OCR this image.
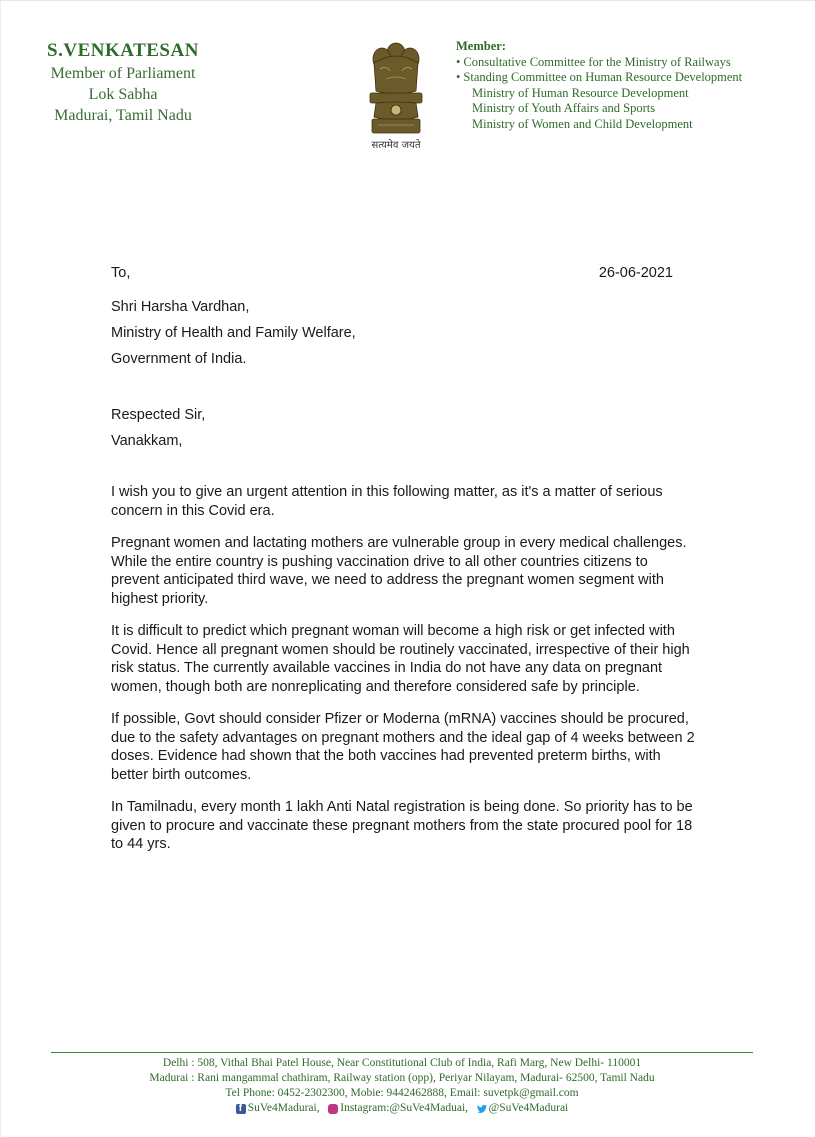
S.VENKATESAN
Member of Parliament
Lok Sabha
Madurai, Tamil Nadu
सत्यमेव जयते
Member:
• Consultative Committee for the Ministry of Railways
• Standing Committee on Human Resource Development
Ministry of Human Resource Development
Ministry of Youth Affairs and Sports
Ministry of Women and Child Development
To,	26-06-2021
Shri Harsha Vardhan,
Ministry of Health and Family Welfare,
Government of India.
Respected Sir,
Vanakkam,
I wish you to give an urgent attention in this following matter, as it's a matter of serious concern in this Covid era.
Pregnant women and lactating mothers are vulnerable group in every medical challenges. While the entire country is pushing vaccination drive to all other countries citizens to prevent anticipated third wave, we need to address the pregnant women segment with highest priority.
It is difficult to predict which pregnant woman will become a high risk or get infected with Covid. Hence all pregnant women should be routinely vaccinated, irrespective of their high risk status. The currently available vaccines in India do not have any data on pregnant women, though both are nonreplicating and therefore considered safe by principle.
If possible, Govt should consider Pfizer or Moderna (mRNA) vaccines should be procured, due to the safety advantages on pregnant mothers and the ideal gap of 4 weeks between 2 doses. Evidence had shown that the both vaccines had prevented preterm births, with better birth outcomes.
In Tamilnadu, every month 1 lakh Anti Natal registration is being done. So priority has to be given to procure and vaccinate these pregnant mothers from the state procured pool for 18 to 44 yrs.
Delhi : 508, Vithal Bhai Patel House, Near Constitutional Club of India, Rafi Marg, New Delhi- 110001
Madurai : Rani mangammal chathiram, Railway station (opp), Periyar Nilayam, Madurai- 62500, Tamil Nadu
Tel Phone: 0452-2302300, Mobie: 9442462888, Email: suvetpk@gmail.com
f
SuVe4Madurai,
Instagram:@SuVe4Maduai,
@SuVe4Madurai
